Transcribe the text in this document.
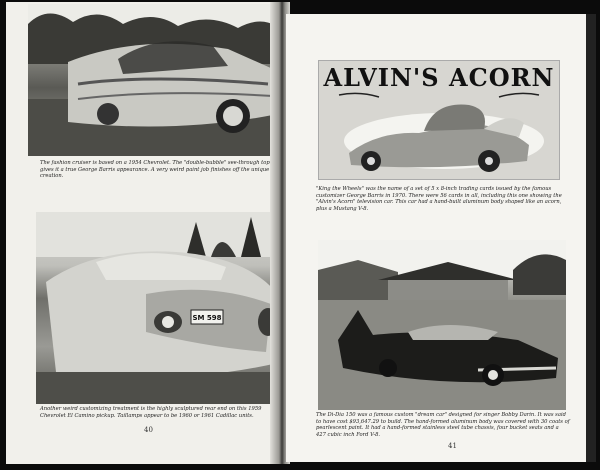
The fashion cruiser is based on a 1954 Chevrolet. The "double-bubble" see-through top gives it a true George Barris appearance. A very weird paint job finishes off the unique creation.
SM 598
Another weird customizing treatment is the highly sculptured rear end on this 1959 Chevrolet El Camino pickup. Taillamps appear to be 1960 or 1961 Cadillac units.
40
ALVIN'S ACORN
"King the Wheels" was the name of a set of 5 x 8-inch trading cards issued by the famous customizer George Barris in 1970. There were 56 cards in all, including this one showing the "Alvin's Acorn" television car. This car had a hand-built aluminum body shaped like an acorn, plus a Mustang V-8.
The Di-Dia 150 was a famous custom "dream car" designed for singer Bobby Darin. It was said to have cost $93,647.29 to build. The hand-formed aluminum body was covered with 30 coats of pearlescent paint. It had a hand-formed stainless steel tube chassis, four bucket seats and a 427 cubic inch Ford V-8.
41
